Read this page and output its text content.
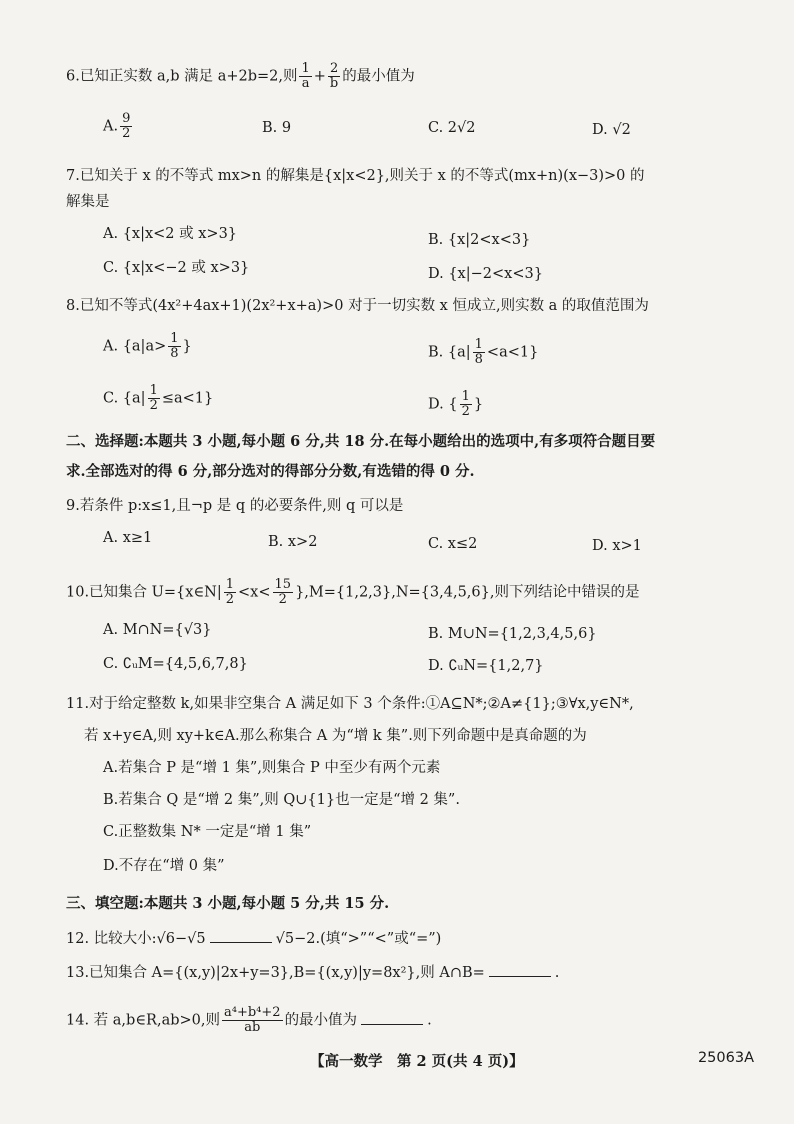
6.已知正实数 a,b 满足 a+2b=2,则 $\frac{1}{a} + \frac{2}{b}$ 的最小值为
A. $\frac{9}{2}$	B. 9	C. 2√2	D. √2
7.已知关于 x 的不等式 mx>n 的解集是{x|x<2},则关于 x 的不等式(mx+n)(x−3)>0 的
解集是
A. {x|x<2 或 x>3}	B. {x|2<x<3}
C. {x|x<−2 或 x>3}	D. {x|−2<x<3}
8.已知不等式(4x²+4ax+1)(2x²+x+a)>0 对于一切实数 x 恒成立,则实数 a 的取值范围为
A. {$a|a> \frac{1}{8}$ }	B. $\{a| \frac{1}{8} <a<1\}$
C. $\{a| \frac{1}{2} \le a<1\}$	D. { $\frac{1}{2}$ }
二、选择题:本题共 3 小题,每小题 6 分,共 18 分.在每小题给出的选项中,有多项符合题目要
求.全部选对的得 6 分,部分选对的得部分分数,有选错的得 0 分.
9.若条件 p:x≤1,且¬p 是 q 的必要条件,则 q 可以是
A. x≥1	B. x>2	C. x≤2	D. x>1
10.已知集合 U={x∈N| $\frac{1}{2} <x< \frac{15}{2} \},M=\{1,2,3\},N=\{3,4,5,6\}$,则下列结论中错误的是
A. M∩N={√3}	B. M∪N={1,2,3,4,5,6}
C. ∁ᵤM={4,5,6,7,8}	D. ∁ᵤN={1,2,7}
11.对于给定整数 k,如果非空集合 A 满足如下 3 个条件:①A⊆N*;②A≠{1};③∀x,y∈N*,
若 x+y∈A,则 xy+k∈A.那么称集合 A 为“增 k 集”.则下列命题中是真命题的为
A.若集合 P 是“增 1 集”,则集合 P 中至少有两个元素
B.若集合 Q 是“增 2 集”,则 Q∪{1}也一定是“增 2 集”.
C.正整数集 N* 一定是“增 1 集”
D.不存在“增 0 集”
三、填空题:本题共 3 小题,每小题 5 分,共 15 分.
12. 比较大小:√6−√5	√5−2.(填“>”“<”或“=”)
13.已知集合 A={(x,y)|2x+y=3},B={(x,y)|y=8x²},则 A∩B=	.
14. 若 a,b∈R,ab>0,则 $\frac{\text{a⁴+b⁴+2}}{ab}$ 的最小值为	.
【高一数学　第 2 页(共 4 页)】	25063A
